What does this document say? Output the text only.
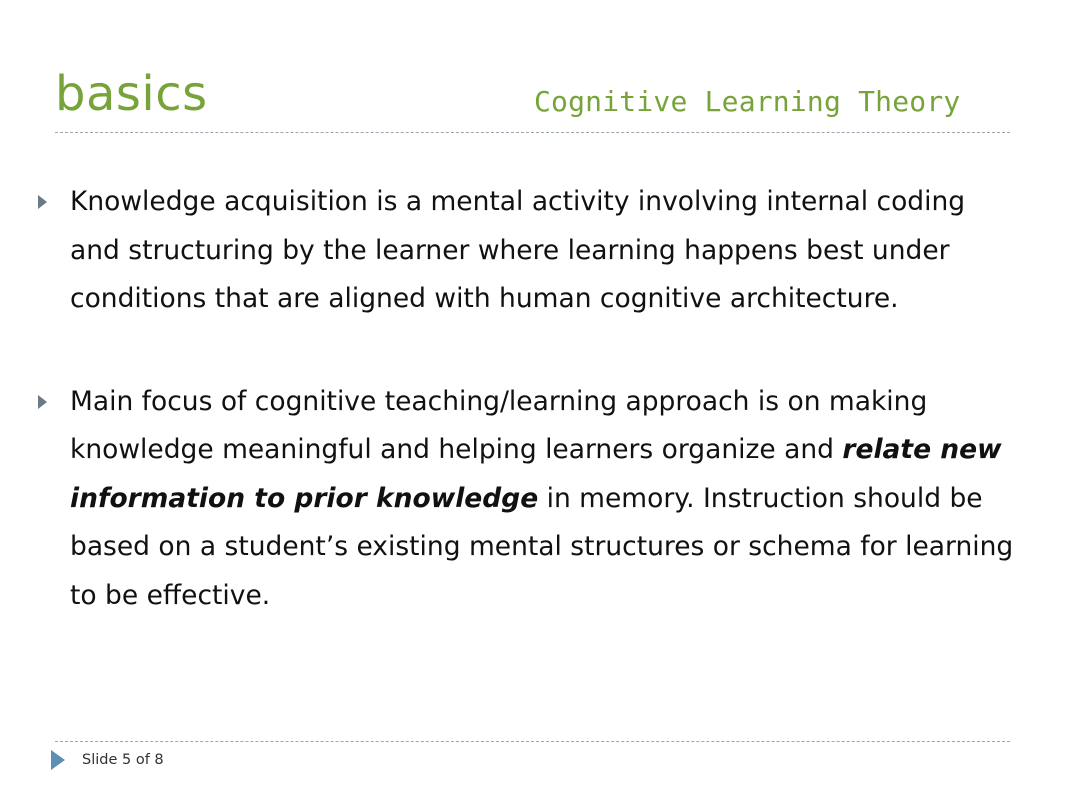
basics	Cognitive Learning Theory
Knowledge acquisition is a mental activity involving internal coding and structuring by the learner where learning happens best under conditions that are aligned with human cognitive architecture.
Main focus of cognitive teaching/learning approach is on making knowledge meaningful and helping learners organize and relate new information to prior knowledge in memory. Instruction should be based on a student’s existing mental structures or schema for learning to be effective.
Slide 5 of 8
